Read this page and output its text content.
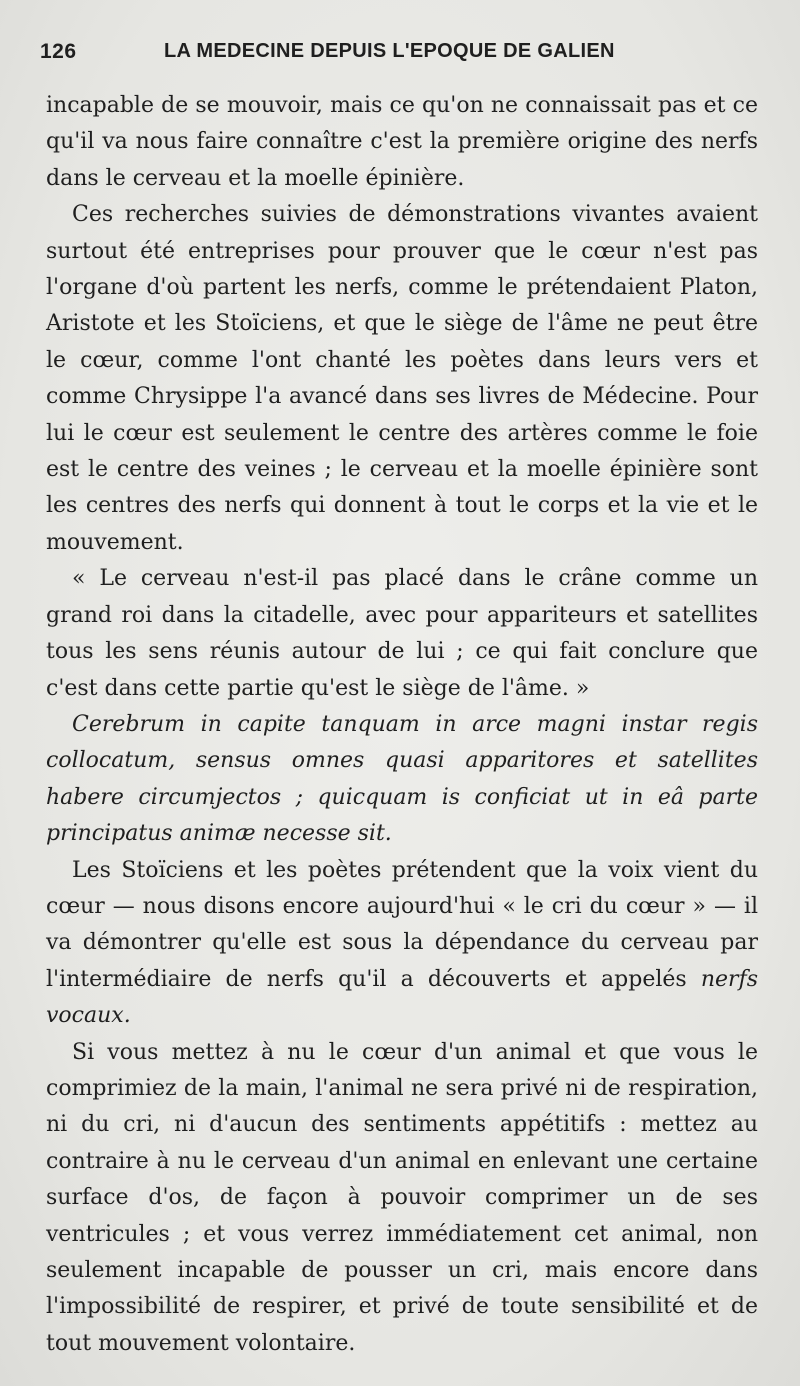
126	LA MEDECINE DEPUIS L'EPOQUE DE GALIEN

incapable de se mouvoir, mais ce qu'on ne connaissait pas et ce qu'il va nous faire connaître c'est la première origine des nerfs dans le cerveau et la moelle épinière.

Ces recherches suivies de démonstrations vivantes avaient surtout été entreprises pour prouver que le cœur n'est pas l'organe d'où partent les nerfs, comme le prétendaient Platon, Aristote et les Stoïciens, et que le siège de l'âme ne peut être le cœur, comme l'ont chanté les poètes dans leurs vers et comme Chrysippe l'a avancé dans ses livres de Médecine. Pour lui le cœur est seulement le centre des artères comme le foie est le centre des veines ; le cerveau et la moelle épinière sont les centres des nerfs qui donnent à tout le corps et la vie et le mouvement.

« Le cerveau n'est-il pas placé dans le crâne comme un grand roi dans la citadelle, avec pour appariteurs et satellites tous les sens réunis autour de lui ; ce qui fait conclure que c'est dans cette partie qu'est le siège de l'âme. »

Cerebrum in capite tanquam in arce magni instar regis collocatum, sensus omnes quasi apparitores et satellites habere circumjectos ; quicquam is conficiat ut in eâ parte principatus animæ necesse sit.

Les Stoïciens et les poètes prétendent que la voix vient du cœur — nous disons encore aujourd'hui « le cri du cœur » — il va démontrer qu'elle est sous la dépendance du cerveau par l'intermédiaire de nerfs qu'il a découverts et appelés nerfs vocaux.

Si vous mettez à nu le cœur d'un animal et que vous le comprimiez de la main, l'animal ne sera privé ni de respiration, ni du cri, ni d'aucun des sentiments appétitifs : mettez au contraire à nu le cerveau d'un animal en enlevant une certaine surface d'os, de façon à pouvoir comprimer un de ses ventricules ; et vous verrez immédiatement cet animal, non seulement incapable de pousser un cri, mais encore dans l'impossibilité de respirer, et privé de toute sensibilité et de tout mouvement volontaire.
